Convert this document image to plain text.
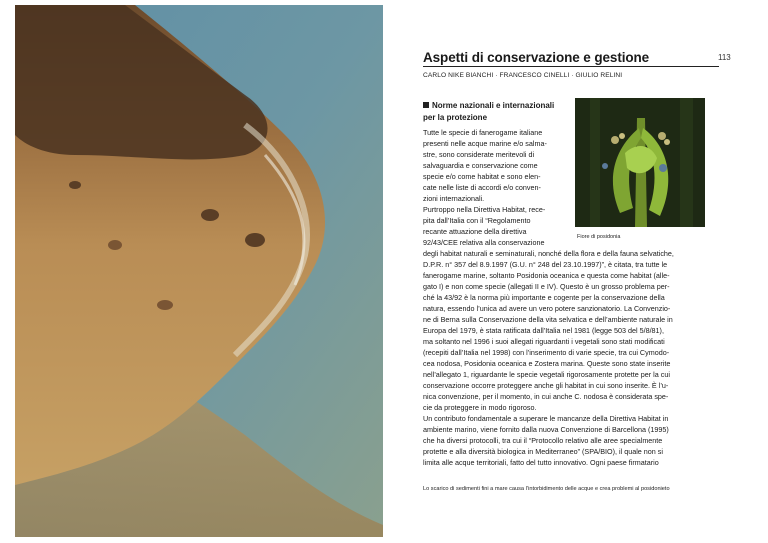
Aspetti di conservazione e gestione	113
CARLO NIKE BIANCHI · FRANCESCO CINELLI · GIULIO RELINI
Norme nazionali e internazionali
per la protezione
Fiore di posidonia
Tutte le specie di fanerogame italiane
presenti nelle acque marine e/o salma-
stre, sono considerate meritevoli di
salvaguardia e conservazione come
specie e/o come habitat e sono elen-
cate nelle liste di accordi e/o conven-
zioni internazionali.
Purtroppo nella Direttiva Habitat, rece-
pita dall’Italia con il “Regolamento
recante attuazione della direttiva
92/43/CEE relativa alla conservazione
degli habitat naturali e seminaturali, nonché della flora e della fauna selvatiche,
D.P.R. n° 357 del 8.9.1997 (G.U. n° 248 del 23.10.1997)”, è citata, tra tutte le
fanerogame marine, soltanto Posidonia oceanica e questa come habitat (alle-
gato I) e non come specie (allegati II e IV). Questo è un grosso problema per-
ché la 43/92 è la norma più importante e cogente per la conservazione della
natura, essendo l’unica ad avere un vero potere sanzionatorio. La Convenzio-
ne di Berna sulla Conservazione della vita selvatica e dell’ambiente naturale in
Europa del 1979, è stata ratificata dall’Italia nel 1981 (legge 503 del 5/8/81),
ma soltanto nel 1996 i suoi allegati riguardanti i vegetali sono stati modificati
(recepiti dall’Italia nel 1998) con l’inserimento di varie specie, tra cui Cymodo-
cea nodosa, Posidonia oceanica e Zostera marina. Queste sono state inserite
nell’allegato 1, riguardante le specie vegetali rigorosamente protette per la cui
conservazione occorre proteggere anche gli habitat in cui sono inserite. È l’u-
nica convenzione, per il momento, in cui anche C. nodosa è considerata spe-
cie da proteggere in modo rigoroso.
Un contributo fondamentale a superare le mancanze della Direttiva Habitat in
ambiente marino, viene fornito dalla nuova Convenzione di Barcellona (1995)
che ha diversi protocolli, tra cui il “Protocollo relativo alle aree specialmente
protette e alla diversità biologica in Mediterraneo” (SPA/BIO), il quale non si
limita alle acque territoriali, fatto del tutto innovativo. Ogni paese firmatario
Lo scarico di sedimenti fini a mare causa l’intorbidimento delle acque e crea problemi al posidonieto
